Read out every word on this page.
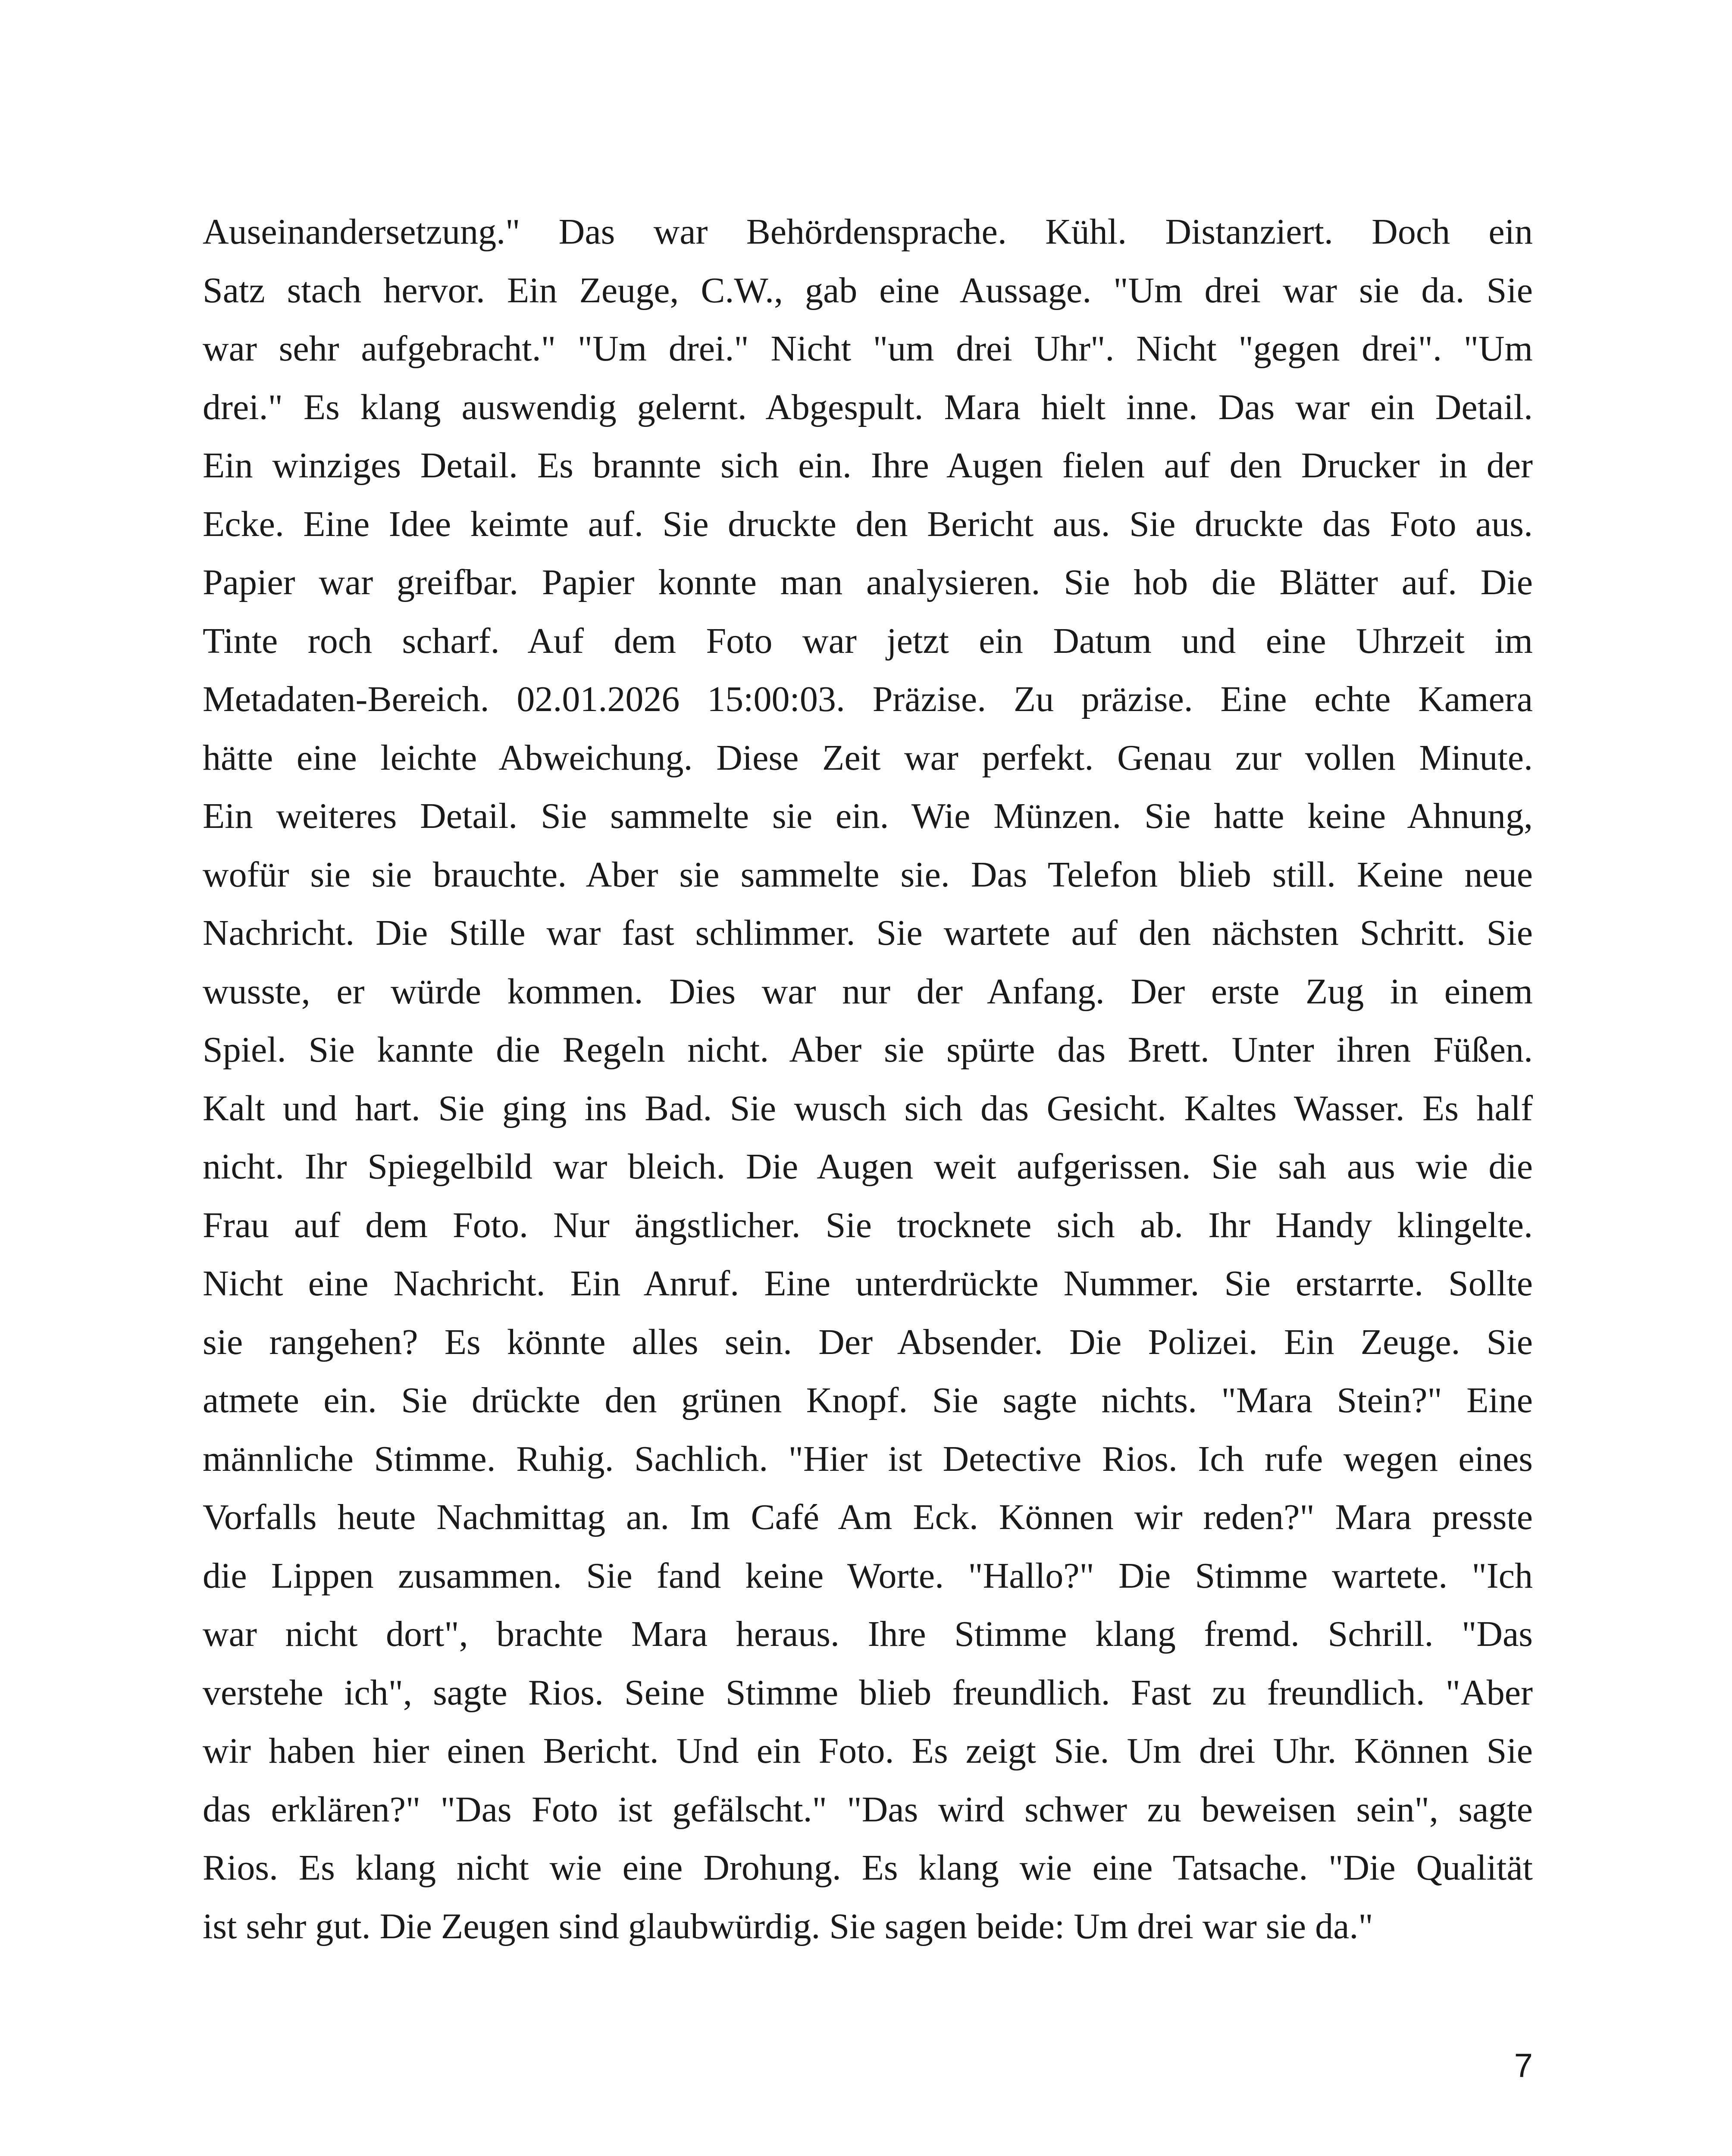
Auseinandersetzung." Das war Behördensprache. Kühl. Distanziert. Doch ein
Satz stach hervor. Ein Zeuge, C.W., gab eine Aussage. "Um drei war sie da. Sie
war sehr aufgebracht." "Um drei." Nicht "um drei Uhr". Nicht "gegen drei". "Um
drei." Es klang auswendig gelernt. Abgespult. Mara hielt inne. Das war ein Detail.
Ein winziges Detail. Es brannte sich ein. Ihre Augen fielen auf den Drucker in der
Ecke. Eine Idee keimte auf. Sie druckte den Bericht aus. Sie druckte das Foto aus.
Papier war greifbar. Papier konnte man analysieren. Sie hob die Blätter auf. Die
Tinte roch scharf. Auf dem Foto war jetzt ein Datum und eine Uhrzeit im
Metadaten-Bereich. 02.01.2026 15:00:03. Präzise. Zu präzise. Eine echte Kamera
hätte eine leichte Abweichung. Diese Zeit war perfekt. Genau zur vollen Minute.
Ein weiteres Detail. Sie sammelte sie ein. Wie Münzen. Sie hatte keine Ahnung,
wofür sie sie brauchte. Aber sie sammelte sie. Das Telefon blieb still. Keine neue
Nachricht. Die Stille war fast schlimmer. Sie wartete auf den nächsten Schritt. Sie
wusste, er würde kommen. Dies war nur der Anfang. Der erste Zug in einem
Spiel. Sie kannte die Regeln nicht. Aber sie spürte das Brett. Unter ihren Füßen.
Kalt und hart. Sie ging ins Bad. Sie wusch sich das Gesicht. Kaltes Wasser. Es half
nicht. Ihr Spiegelbild war bleich. Die Augen weit aufgerissen. Sie sah aus wie die
Frau auf dem Foto. Nur ängstlicher. Sie trocknete sich ab. Ihr Handy klingelte.
Nicht eine Nachricht. Ein Anruf. Eine unterdrückte Nummer. Sie erstarrte. Sollte
sie rangehen? Es könnte alles sein. Der Absender. Die Polizei. Ein Zeuge. Sie
atmete ein. Sie drückte den grünen Knopf. Sie sagte nichts. "Mara Stein?" Eine
männliche Stimme. Ruhig. Sachlich. "Hier ist Detective Rios. Ich rufe wegen eines
Vorfalls heute Nachmittag an. Im Café Am Eck. Können wir reden?" Mara presste
die Lippen zusammen. Sie fand keine Worte. "Hallo?" Die Stimme wartete. "Ich
war nicht dort", brachte Mara heraus. Ihre Stimme klang fremd. Schrill. "Das
verstehe ich", sagte Rios. Seine Stimme blieb freundlich. Fast zu freundlich. "Aber
wir haben hier einen Bericht. Und ein Foto. Es zeigt Sie. Um drei Uhr. Können Sie
das erklären?" "Das Foto ist gefälscht." "Das wird schwer zu beweisen sein", sagte
Rios. Es klang nicht wie eine Drohung. Es klang wie eine Tatsache. "Die Qualität
ist sehr gut. Die Zeugen sind glaubwürdig. Sie sagen beide: Um drei war sie da."
7
